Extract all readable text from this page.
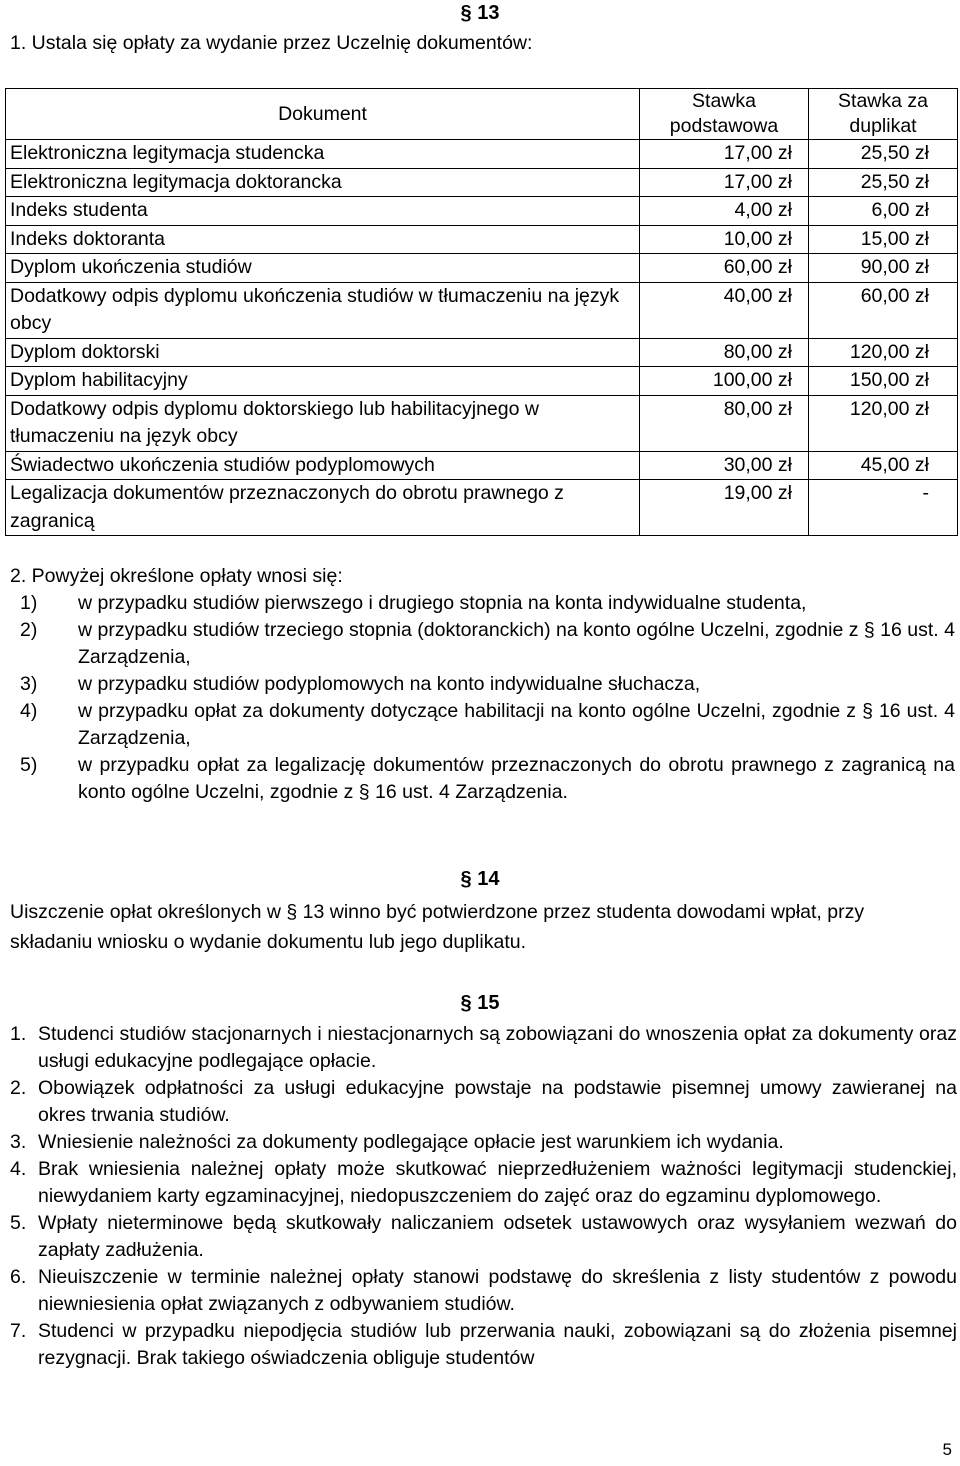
§ 13
1. Ustala się opłaty za wydanie przez Uczelnię dokumentów:
Dokument	Stawka podstawowa	Stawka za duplikat
Elektroniczna legitymacja studencka	17,00 zł	25,50 zł
Elektroniczna legitymacja doktorancka	17,00 zł	25,50 zł
Indeks studenta	4,00 zł	6,00 zł
Indeks doktoranta	10,00 zł	15,00 zł
Dyplom ukończenia studiów	60,00 zł	90,00 zł
Dodatkowy odpis dyplomu ukończenia studiów w tłumaczeniu na język obcy	40,00 zł	60,00 zł
Dyplom doktorski	80,00 zł	120,00 zł
Dyplom habilitacyjny	100,00 zł	150,00 zł
Dodatkowy odpis dyplomu doktorskiego lub habilitacyjnego w tłumaczeniu na język obcy	80,00 zł	120,00 zł
Świadectwo ukończenia studiów podyplomowych	30,00 zł	45,00 zł
Legalizacja dokumentów przeznaczonych do obrotu prawnego z zagranicą	19,00 zł	-
2. Powyżej określone opłaty wnosi się:
1) w przypadku studiów pierwszego i drugiego stopnia na konta indywidualne studenta,
2) w przypadku studiów trzeciego stopnia (doktoranckich) na konto ogólne Uczelni, zgodnie z § 16 ust. 4 Zarządzenia,
3) w przypadku studiów podyplomowych na konto indywidualne słuchacza,
4) w przypadku opłat za dokumenty dotyczące habilitacji na konto ogólne Uczelni, zgodnie z § 16 ust. 4 Zarządzenia,
5) w przypadku opłat za legalizację dokumentów przeznaczonych do obrotu prawnego z zagranicą na konto ogólne Uczelni, zgodnie z § 16 ust. 4 Zarządzenia.
§ 14
Uiszczenie opłat określonych w § 13 winno być potwierdzone przez studenta dowodami wpłat, przy składaniu wniosku o wydanie dokumentu lub jego duplikatu.
§ 15
1. Studenci studiów stacjonarnych i niestacjonarnych są zobowiązani do wnoszenia opłat za dokumenty oraz usługi edukacyjne podlegające opłacie.
2. Obowiązek odpłatności za usługi edukacyjne powstaje na podstawie pisemnej umowy zawieranej na okres trwania studiów.
3. Wniesienie należności za dokumenty podlegające opłacie jest warunkiem ich wydania.
4. Brak wniesienia należnej opłaty może skutkować nieprzedłużeniem ważności legitymacji studenckiej, niewydaniem karty egzaminacyjnej, niedopuszczeniem do zajęć oraz do egzaminu dyplomowego.
5. Wpłaty nieterminowe będą skutkowały naliczaniem odsetek ustawowych oraz wysyłaniem wezwań do zapłaty zadłużenia.
6. Nieuiszczenie w terminie należnej opłaty stanowi podstawę do skreślenia z listy studentów z powodu niewniesienia opłat związanych z odbywaniem studiów.
7. Studenci w przypadku niepodjęcia studiów lub przerwania nauki, zobowiązani są do złożenia pisemnej rezygnacji. Brak takiego oświadczenia obliguje studentów
5
